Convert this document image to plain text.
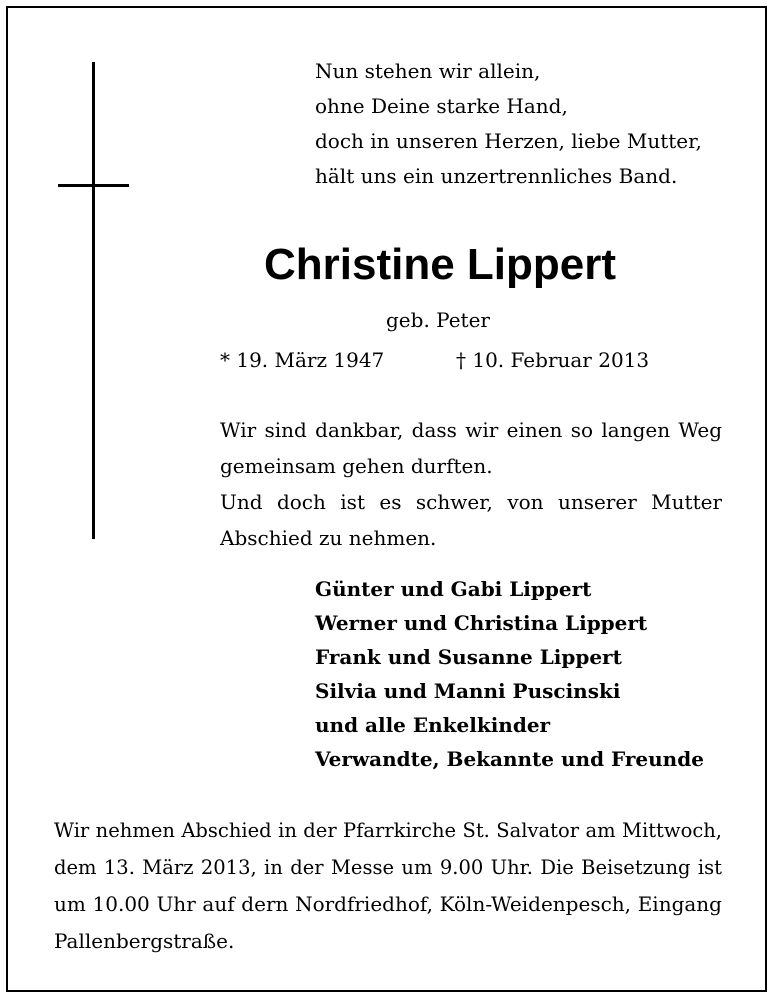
Nun stehen wir allein,
ohne Deine starke Hand,
doch in unseren Herzen, liebe Mutter,
hält uns ein unzertrennliches Band.
Christine Lippert
geb. Peter
* 19. März 1947	† 10. Februar 2013
Wir sind dankbar, dass wir einen so langen Weg
gemeinsam gehen durften.
Und doch ist es schwer, von unserer Mutter
Abschied zu nehmen.
Günter und Gabi Lippert
Werner und Christina Lippert
Frank und Susanne Lippert
Silvia und Manni Puscinski
und alle Enkelkinder
Verwandte, Bekannte und Freunde
Wir nehmen Abschied in der Pfarrkirche St. Salvator am Mittwoch,
dem 13. März 2013, in der Messe um 9.00 Uhr. Die Beisetzung ist
um 10.00 Uhr auf dern Nordfriedhof, Köln-Weidenpesch, Eingang
Pallenbergstraße.
